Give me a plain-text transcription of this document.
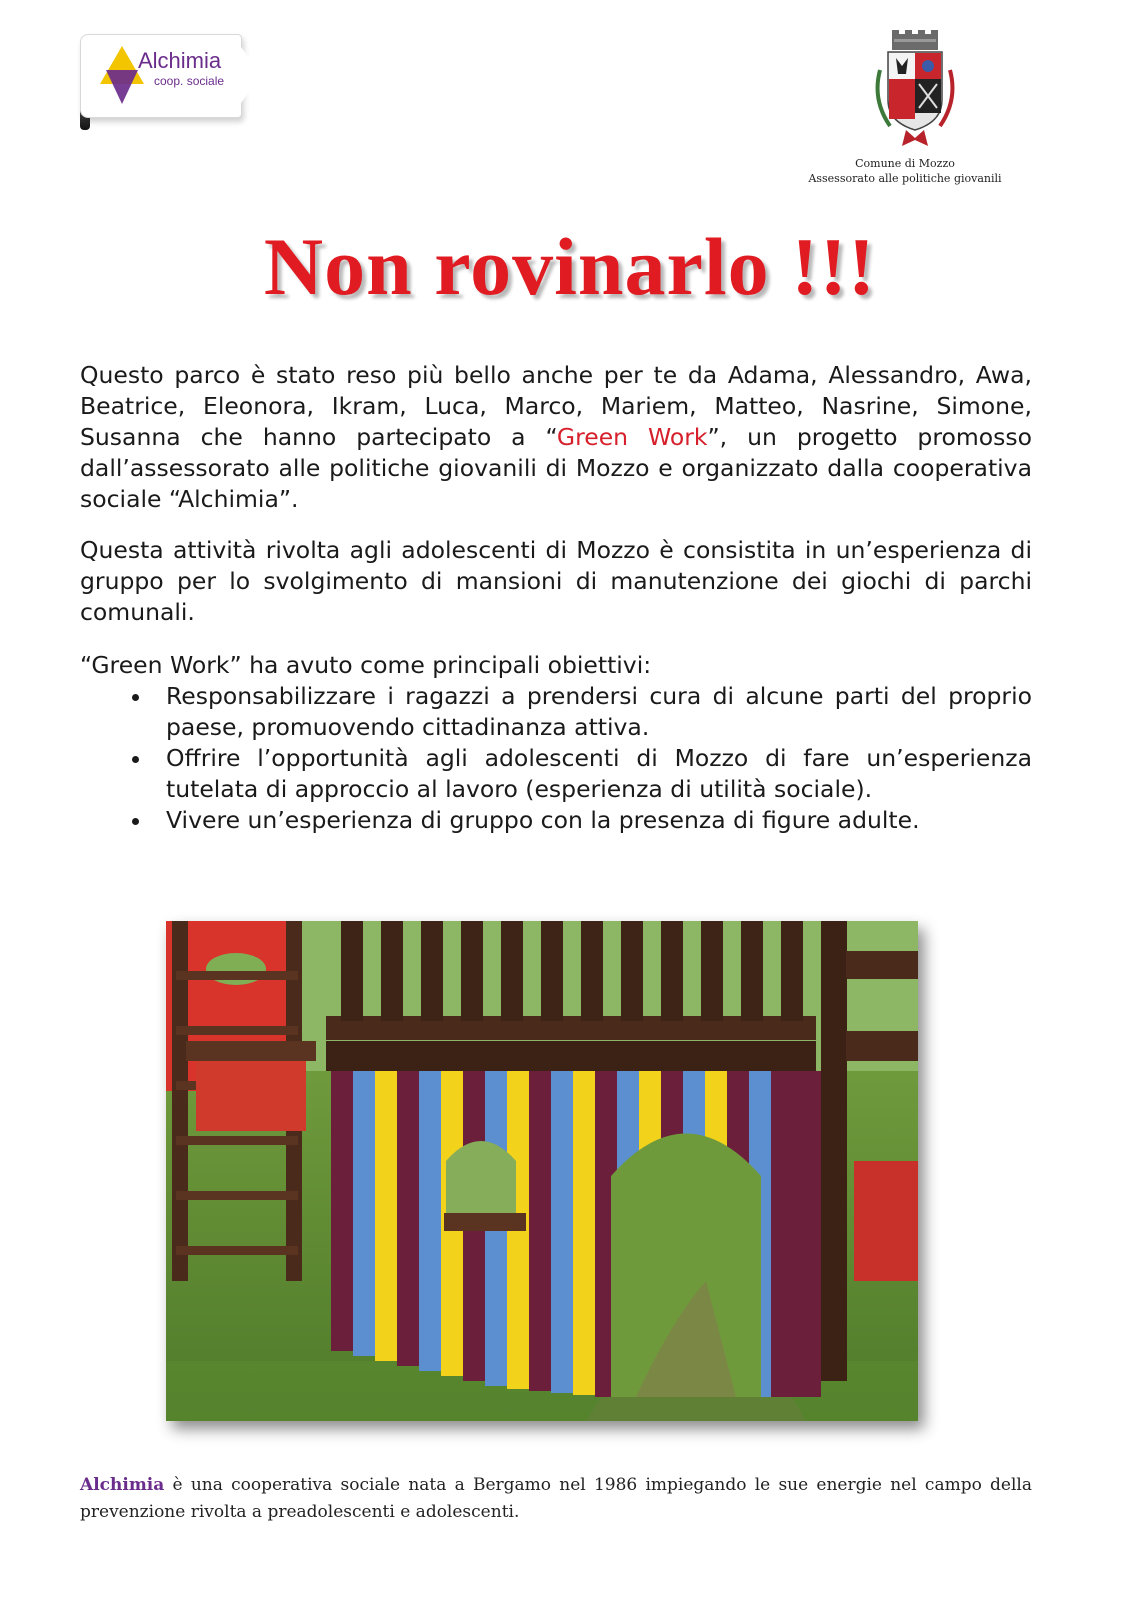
Alchimia
coop. sociale
Comune di Mozzo
Assessorato alle politiche giovanili
Non rovinarlo !!!
Questo parco è stato reso più bello anche per te da Adama, Alessandro, Awa, Beatrice, Eleonora, Ikram, Luca, Marco, Mariem, Matteo, Nasrine, Simone, Susanna che hanno partecipato a “Green Work”, un progetto promosso dall’assessorato alle politiche giovanili di Mozzo e organizzato dalla cooperativa sociale “Alchimia”.
Questa attività rivolta agli adolescenti di Mozzo è consistita in un’esperienza di gruppo per lo svolgimento di mansioni di manutenzione dei giochi di parchi comunali.
“Green Work” ha avuto come principali obiettivi:
Responsabilizzare i ragazzi a prendersi cura di alcune parti del proprio paese, promuovendo cittadinanza attiva.
Offrire l’opportunità agli adolescenti di Mozzo di fare un’esperienza tutelata di approccio al lavoro (esperienza di utilità sociale).
Vivere un’esperienza di gruppo con la presenza di figure adulte.
Alchimia è una cooperativa sociale nata a Bergamo nel 1986 impiegando le sue energie nel campo della prevenzione rivolta a preadolescenti e adolescenti.
